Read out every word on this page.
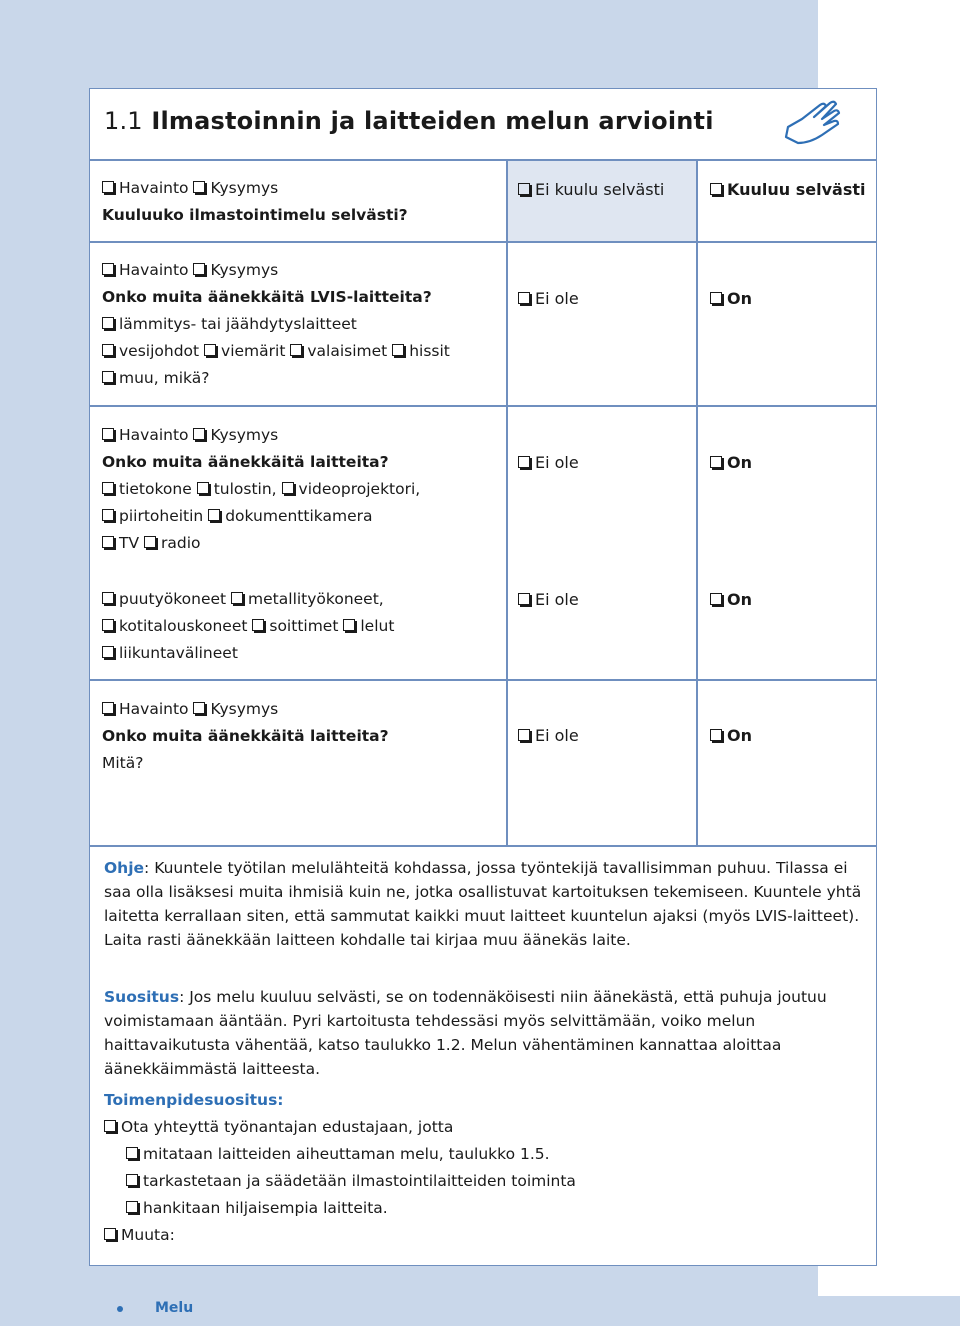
1.1 Ilmastoinnin ja laitteiden melun arviointi
Havainto Kysymys
Kuuluuko ilmastointimelu selvästi?
Ei kuulu selvästi	Kuuluu selvästi
Havainto Kysymys
Onko muita äänekkäitä LVIS-laitteita?
lämmitys- tai jäähdytyslaitteet
vesijohdot viemärit valaisimet hissit
muu, mikä?
Ei ole	On
Havainto Kysymys
Onko muita äänekkäitä laitteita?
tietokone tulostin, videoprojektori,
piirtoheitin dokumenttikamera
TV radio
Ei ole	On
puutyökoneet metallityökoneet,
kotitalouskoneet soittimet lelut
liikuntavälineet
Ei ole	On
Havainto Kysymys
Onko muita äänekkäitä laitteita?
Mitä?
Ei ole	On
Ohje: Kuuntele työtilan melulähteitä kohdassa, jossa työntekijä tavallisimman puhuu. Tilassa ei saa olla lisäksesi muita ihmisiä kuin ne, jotka osallistuvat kartoituksen tekemiseen. Kuuntele yhtä laitetta kerrallaan siten, että sammutat kaikki muut laitteet kuuntelun ajaksi (myös LVIS-laitteet). Laita rasti äänekkään laitteen kohdalle tai kirjaa muu äänekäs laite.
Suositus: Jos melu kuuluu selvästi, se on todennäköisesti niin äänekästä, että puhuja joutuu voimistamaan ääntään. Pyri kartoitusta tehdessäsi myös selvittämään, voiko melun haittavaikutusta vähentää, katso taulukko 1.2. Melun vähentäminen kannattaa aloittaa äänekkäimmästä laitteesta.
Toimenpidesuositus:
Ota yhteyttä työnantajan edustajaan, jotta
mitataan laitteiden aiheuttaman melu, taulukko 1.5.
tarkastetaan ja säädetään ilmastointilaitteiden toiminta
hankitaan hiljaisempia laitteita.
Muuta:
Melu
